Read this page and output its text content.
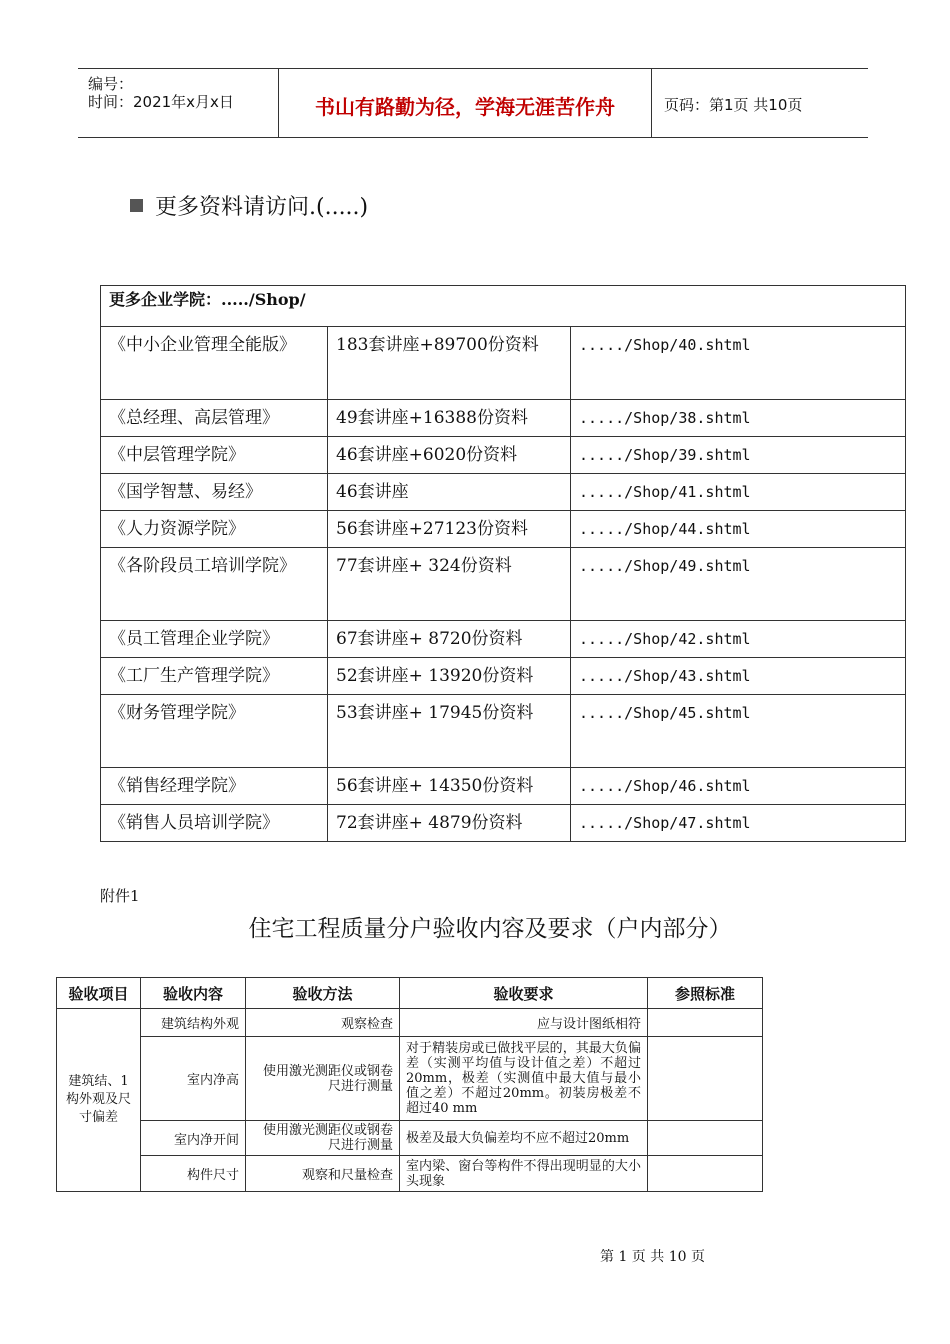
编号：
时间：2021年x月x日	书山有路勤为径，学海无涯苦作舟	页码：第1页 共10页
更多资料请访问.(.....)
更多企业学院：...../Shop/		
《中小企业管理全能版》	183套讲座+89700份资料	...../Shop/40.shtml
《总经理、高层管理》	49套讲座+16388份资料	...../Shop/38.shtml
《中层管理学院》	46套讲座+6020份资料	...../Shop/39.shtml
《国学智慧、易经》	46套讲座	...../Shop/41.shtml
《人力资源学院》	56套讲座+27123份资料	...../Shop/44.shtml
《各阶段员工培训学院》	77套讲座+ 324份资料	...../Shop/49.shtml
《员工管理企业学院》	67套讲座+ 8720份资料	...../Shop/42.shtml
《工厂生产管理学院》	52套讲座+ 13920份资料	...../Shop/43.shtml
《财务管理学院》	53套讲座+ 17945份资料	...../Shop/45.shtml
《销售经理学院》	56套讲座+ 14350份资料	...../Shop/46.shtml
《销售人员培训学院》	72套讲座+ 4879份资料	...../Shop/47.shtml
附件1
住宅工程质量分户验收内容及要求（户内部分）
验收项目	验收内容	验收方法	验收要求	参照标准
建筑结、1构外观及尺寸偏差	建筑结构外观	观察检查	应与设计图纸相符	
	室内净高	使用激光测距仪或钢卷尺进行测量	对于精装房或已做找平层的，其最大负偏差（实测平均值与设计值之差）不超过20mm，极差（实测值中最大值与最小值之差）不超过20mm。初装房极差不超过40 mm	
	室内净开间	使用激光测距仪或钢卷尺进行测量	极差及最大负偏差均不应不超过20mm	
	构件尺寸	观察和尺量检查	室内梁、窗台等构件不得出现明显的大小头现象	
第 1 页 共 10 页
